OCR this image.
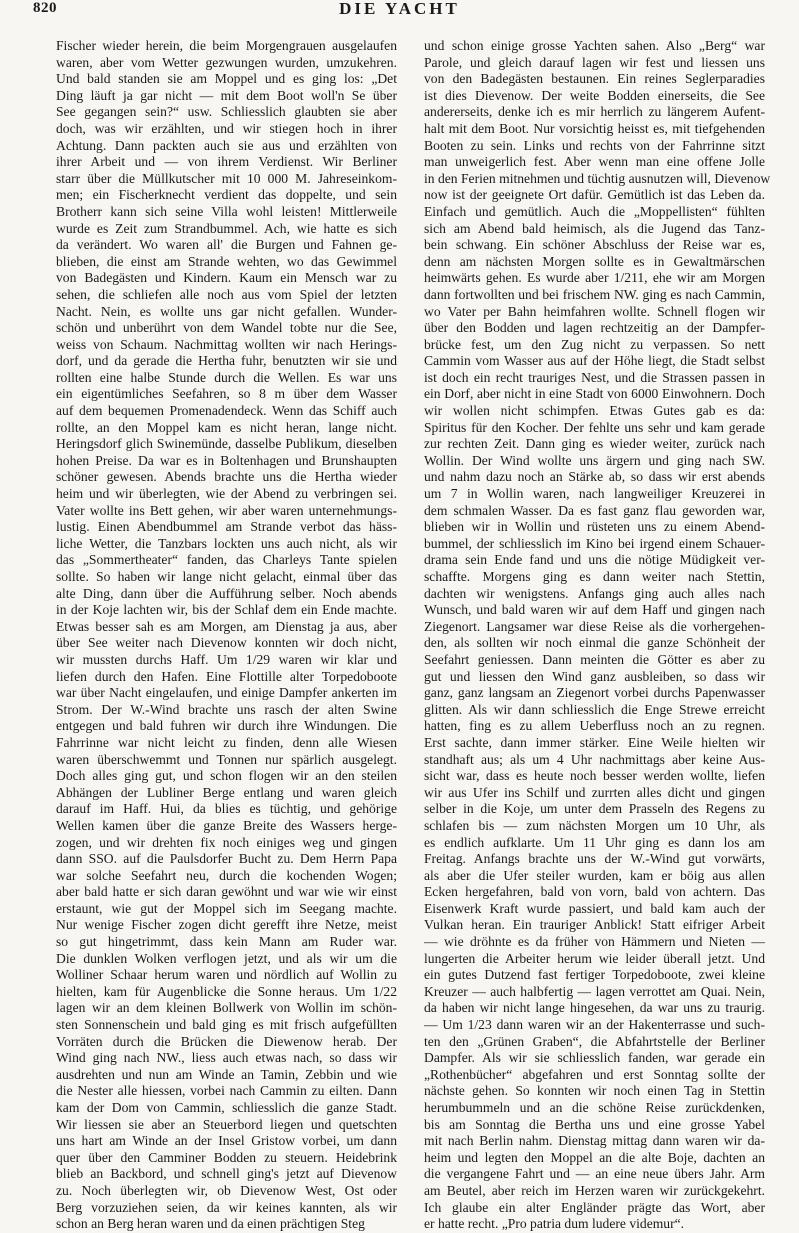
820	DIE YACHT
Fischer wieder herein, die beim Morgengrauen ausgelaufen
waren, aber vom Wetter gezwungen wurden, umzukehren.
Und bald standen sie am Moppel und es ging los: „Det
Ding läuft ja gar nicht — mit dem Boot woll'n Se über
See gegangen sein?“ usw. Schliesslich glaubten sie aber
doch, was wir erzählten, und wir stiegen hoch in ihrer
Achtung. Dann packten auch sie aus und erzählten von
ihrer Arbeit und — von ihrem Verdienst. Wir Berliner
starr über die Müllkutscher mit 10 000 M. Jahreseinkom-
men; ein Fischerknecht verdient das doppelte, und sein
Brotherr kann sich seine Villa wohl leisten! Mittlerweile
wurde es Zeit zum Strandbummel. Ach, wie hatte es sich
da verändert. Wo waren all' die Burgen und Fahnen ge-
blieben, die einst am Strande wehten, wo das Gewimmel
von Badegästen und Kindern. Kaum ein Mensch war zu
sehen, die schliefen alle noch aus vom Spiel der letzten
Nacht. Nein, es wollte uns gar nicht gefallen. Wunder-
schön und unberührt von dem Wandel tobte nur die See,
weiss von Schaum. Nachmittag wollten wir nach Herings-
dorf, und da gerade die Hertha fuhr, benutzten wir sie und
rollten eine halbe Stunde durch die Wellen. Es war uns
ein eigentümliches Seefahren, so 8 m über dem Wasser
auf dem bequemen Promenadendeck. Wenn das Schiff auch
rollte, an den Moppel kam es nicht heran, lange nicht.
Heringsdorf glich Swinemünde, dasselbe Publikum, dieselben
hohen Preise. Da war es in Boltenhagen und Brunshaupten
schöner gewesen. Abends brachte uns die Hertha wieder
heim und wir überlegten, wie der Abend zu verbringen sei.
Vater wollte ins Bett gehen, wir aber waren unternehmungs-
lustig. Einen Abendbummel am Strande verbot das häss-
liche Wetter, die Tanzbars lockten uns auch nicht, als wir
das „Sommertheater“ fanden, das Charleys Tante spielen
sollte. So haben wir lange nicht gelacht, einmal über das
alte Ding, dann über die Aufführung selber. Noch abends
in der Koje lachten wir, bis der Schlaf dem ein Ende machte.
Etwas besser sah es am Morgen, am Dienstag ja aus, aber
über See weiter nach Dievenow konnten wir doch nicht,
wir mussten durchs Haff. Um 1/29 waren wir klar und
liefen durch den Hafen. Eine Flottille alter Torpedoboote
war über Nacht eingelaufen, und einige Dampfer ankerten im
Strom. Der W.-Wind brachte uns rasch der alten Swine
entgegen und bald fuhren wir durch ihre Windungen. Die
Fahrrinne war nicht leicht zu finden, denn alle Wiesen
waren überschwemmt und Tonnen nur spärlich ausgelegt.
Doch alles ging gut, und schon flogen wir an den steilen
Abhängen der Lubliner Berge entlang und waren gleich
darauf im Haff. Hui, da blies es tüchtig, und gehörige
Wellen kamen über die ganze Breite des Wassers herge-
zogen, und wir drehten fix noch einiges weg und gingen
dann SSO. auf die Paulsdorfer Bucht zu. Dem Herrn Papa
war solche Seefahrt neu, durch die kochenden Wogen;
aber bald hatte er sich daran gewöhnt und war wie wir einst
erstaunt, wie gut der Moppel sich im Seegang machte.
Nur wenige Fischer zogen dicht gerefft ihre Netze, meist
so gut hingetrimmt, dass kein Mann am Ruder war.
Die dunklen Wolken verflogen jetzt, und als wir um die
Wolliner Schaar herum waren und nördlich auf Wollin zu
hielten, kam für Augenblicke die Sonne heraus. Um 1/22
lagen wir an dem kleinen Bollwerk von Wollin im schön-
sten Sonnenschein und bald ging es mit frisch aufgefüllten
Vorräten durch die Brücken die Diewenow herab. Der
Wind ging nach NW., liess auch etwas nach, so dass wir
ausdrehten und nun am Winde an Tamin, Zebbin und wie
die Nester alle hiessen, vorbei nach Cammin zu eilten. Dann
kam der Dom von Cammin, schliesslich die ganze Stadt.
Wir liessen sie aber an Steuerbord liegen und quetschten
uns hart am Winde an der Insel Gristow vorbei, um dann
quer über den Camminer Bodden zu steuern. Heidebrink
blieb an Backbord, und schnell ging's jetzt auf Dievenow
zu. Noch überlegten wir, ob Dievenow West, Ost oder
Berg vorzuziehen seien, da wir keines kannten, als wir
schon an Berg heran waren und da einen prächtigen Steg
und schon einige grosse Yachten sahen. Also „Berg“ war
Parole, und gleich darauf lagen wir fest und liessen uns
von den Badegästen bestaunen. Ein reines Seglerparadies
ist dies Dievenow. Der weite Bodden einerseits, die See
andererseits, denke ich es mir herrlich zu längerem Aufent-
halt mit dem Boot. Nur vorsichtig heisst es, mit tiefgehenden
Booten zu sein. Links und rechts von der Fahrrinne sitzt
man unweigerlich fest. Aber wenn man eine offene Jolle
in den Ferien mitnehmen und tüchtig ausnutzen will, Dievenow
now ist der geeignete Ort dafür. Gemütlich ist das Leben da.
Einfach und gemütlich. Auch die „Moppellisten“ fühlten
sich am Abend bald heimisch, als die Jugend das Tanz-
bein schwang. Ein schöner Abschluss der Reise war es,
denn am nächsten Morgen sollte es in Gewaltmärschen
heimwärts gehen. Es wurde aber 1/211, ehe wir am Morgen
dann fortwollten und bei frischem NW. ging es nach Cammin,
wo Vater per Bahn heimfahren wollte. Schnell flogen wir
über den Bodden und lagen rechtzeitig an der Dampfer-
brücke fest, um den Zug nicht zu verpassen. So nett
Cammin vom Wasser aus auf der Höhe liegt, die Stadt selbst
ist doch ein recht trauriges Nest, und die Strassen passen in
ein Dorf, aber nicht in eine Stadt von 6000 Einwohnern. Doch
wir wollen nicht schimpfen. Etwas Gutes gab es da:
Spiritus für den Kocher. Der fehlte uns sehr und kam gerade
zur rechten Zeit. Dann ging es wieder weiter, zurück nach
Wollin. Der Wind wollte uns ärgern und ging nach SW.
und nahm dazu noch an Stärke ab, so dass wir erst abends
um 7 in Wollin waren, nach langweiliger Kreuzerei in
dem schmalen Wasser. Da es fast ganz flau geworden war,
blieben wir in Wollin und rüsteten uns zu einem Abend-
bummel, der schliesslich im Kino bei irgend einem Schauer-
drama sein Ende fand und uns die nötige Müdigkeit ver-
schaffte. Morgens ging es dann weiter nach Stettin,
dachten wir wenigstens. Anfangs ging auch alles nach
Wunsch, und bald waren wir auf dem Haff und gingen nach
Ziegenort. Langsamer war diese Reise als die vorhergehen-
den, als sollten wir noch einmal die ganze Schönheit der
Seefahrt geniessen. Dann meinten die Götter es aber zu
gut und liessen den Wind ganz ausbleiben, so dass wir
ganz, ganz langsam an Ziegenort vorbei durchs Papenwasser
glitten. Als wir dann schliesslich die Enge Strewe erreicht
hatten, fing es zu allem Ueberfluss noch an zu regnen.
Erst sachte, dann immer stärker. Eine Weile hielten wir
standhaft aus; als um 4 Uhr nachmittags aber keine Aus-
sicht war, dass es heute noch besser werden wollte, liefen
wir aus Ufer ins Schilf und zurrten alles dicht und gingen
selber in die Koje, um unter dem Prasseln des Regens zu
schlafen bis — zum nächsten Morgen um 10 Uhr, als
es endlich aufklarte. Um 11 Uhr ging es dann los am
Freitag. Anfangs brachte uns der W.-Wind gut vorwärts,
als aber die Ufer steiler wurden, kam er böig aus allen
Ecken hergefahren, bald von vorn, bald von achtern. Das
Eisenwerk Kraft wurde passiert, und bald kam auch der
Vulkan heran. Ein trauriger Anblick! Statt eifriger Arbeit
— wie dröhnte es da früher von Hämmern und Nieten —
lungerten die Arbeiter herum wie leider überall jetzt. Und
ein gutes Dutzend fast fertiger Torpedoboote, zwei kleine
Kreuzer — auch halbfertig — lagen verrottet am Quai. Nein,
da haben wir nicht lange hingesehen, da war uns zu traurig.
— Um 1/23 dann waren wir an der Hakenterrasse und such-
ten den „Grünen Graben“, die Abfahrtstelle der Berliner
Dampfer. Als wir sie schliesslich fanden, war gerade ein
„Rothenbücher“ abgefahren und erst Sonntag sollte der
nächste gehen. So konnten wir noch einen Tag in Stettin
herumbummeln und an die schöne Reise zurückdenken,
bis am Sonntag die Bertha uns und eine grosse Yabel
mit nach Berlin nahm. Dienstag mittag dann waren wir da-
heim und legten den Moppel an die alte Boje, dachten an
die vergangene Fahrt und — an eine neue übers Jahr. Arm
am Beutel, aber reich im Herzen waren wir zurückgekehrt.
Ich glaube ein alter Engländer prägte das Wort, aber
er hatte recht. „Pro patria dum ludere videmur“.
